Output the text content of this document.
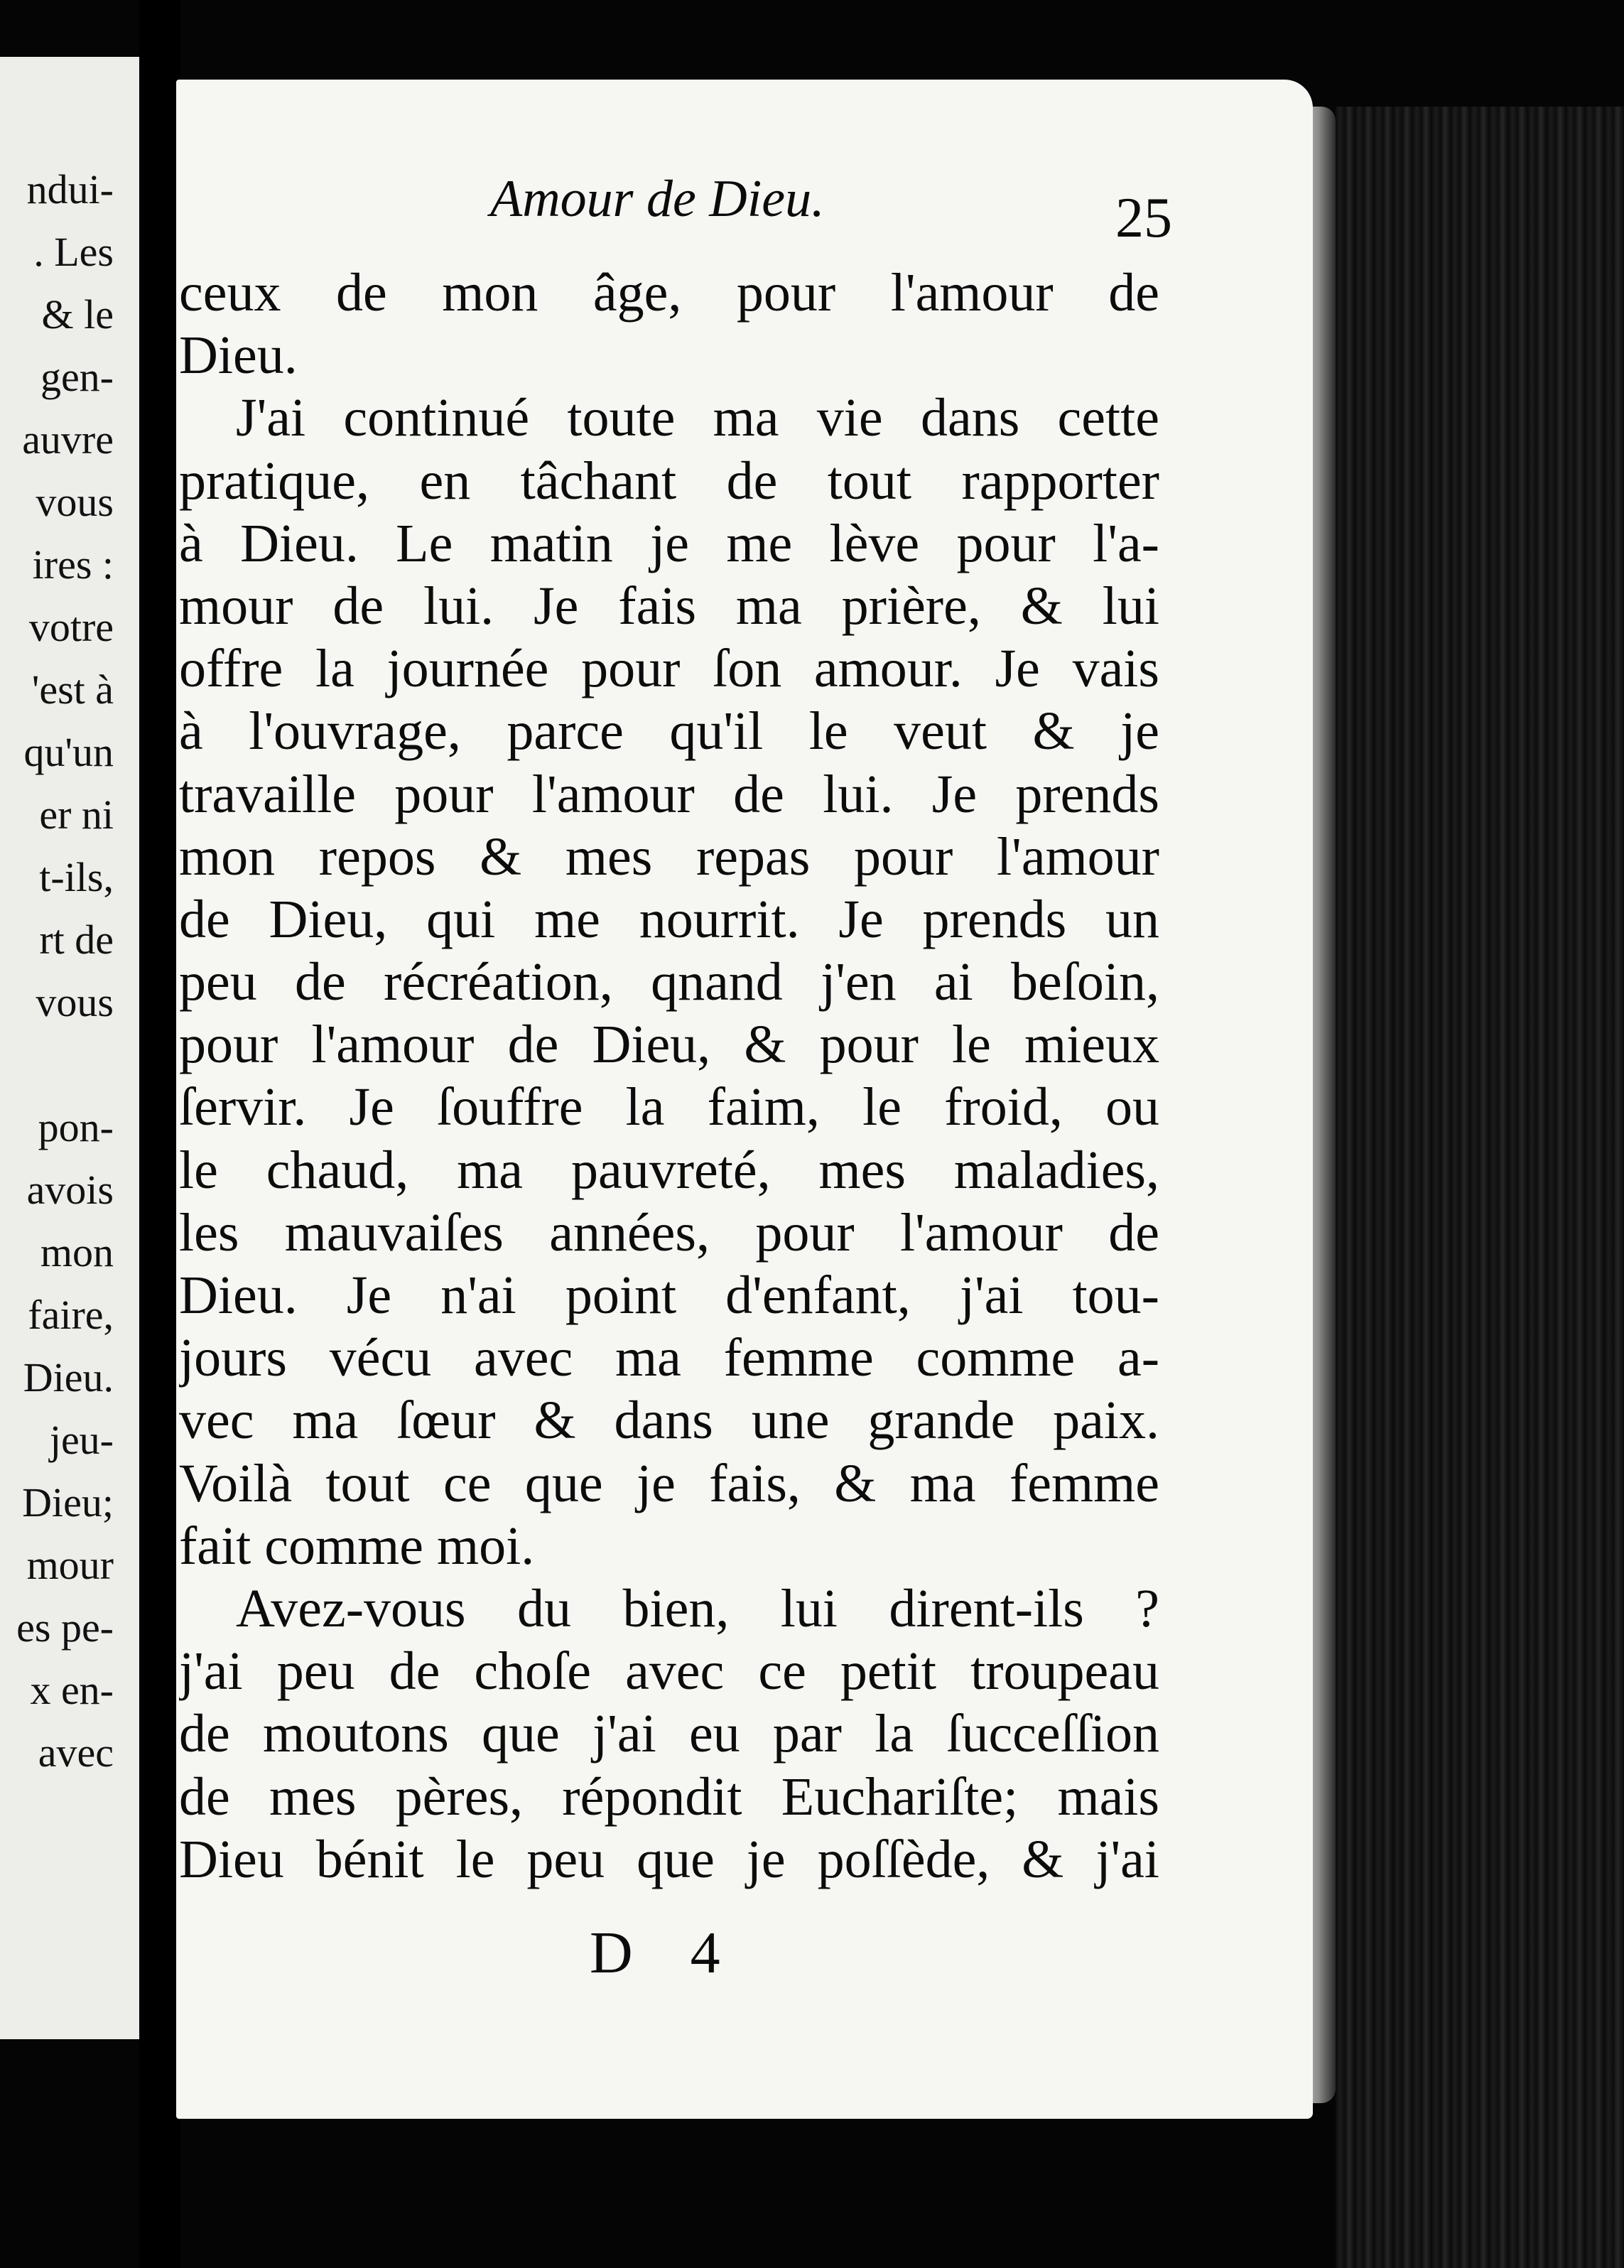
ndui-
. Les
& le
gen-
auvre
vous
ires :
votre
'est à
qu'un
er ni
t-ils,
rt de
vous
pon-
avois
mon
faire,
Dieu.
jeu-
Dieu;
mour
es pe-
x en-
avec
Amour de Dieu.	25
ceux de mon âge, pour l'amour de
Dieu.
J'ai continué toute ma vie dans cette
pratique, en tâchant de tout rapporter
à Dieu. Le matin je me lève pour l'a-
mour de lui. Je fais ma prière, & lui
offre la journée pour ſon amour. Je vais
à l'ouvrage, parce qu'il le veut & je
travaille pour l'amour de lui. Je prends
mon repos & mes repas pour l'amour
de Dieu, qui me nourrit. Je prends un
peu de récréation, qnand j'en ai beſoin,
pour l'amour de Dieu, & pour le mieux
ſervir. Je ſouffre la faim, le froid, ou
le chaud, ma pauvreté, mes maladies,
les mauvaiſes années, pour l'amour de
Dieu. Je n'ai point d'enfant, j'ai tou-
jours vécu avec ma femme comme a-
vec ma ſœur & dans une grande paix.
Voilà tout ce que je fais, & ma femme
fait comme moi.
Avez-vous du bien, lui dirent-ils ?
j'ai peu de choſe avec ce petit troupeau
de moutons que j'ai eu par la ſucceſſion
de mes pères, répondit Euchariſte; mais
Dieu bénit le peu que je poſſède, & j'ai
D 4
